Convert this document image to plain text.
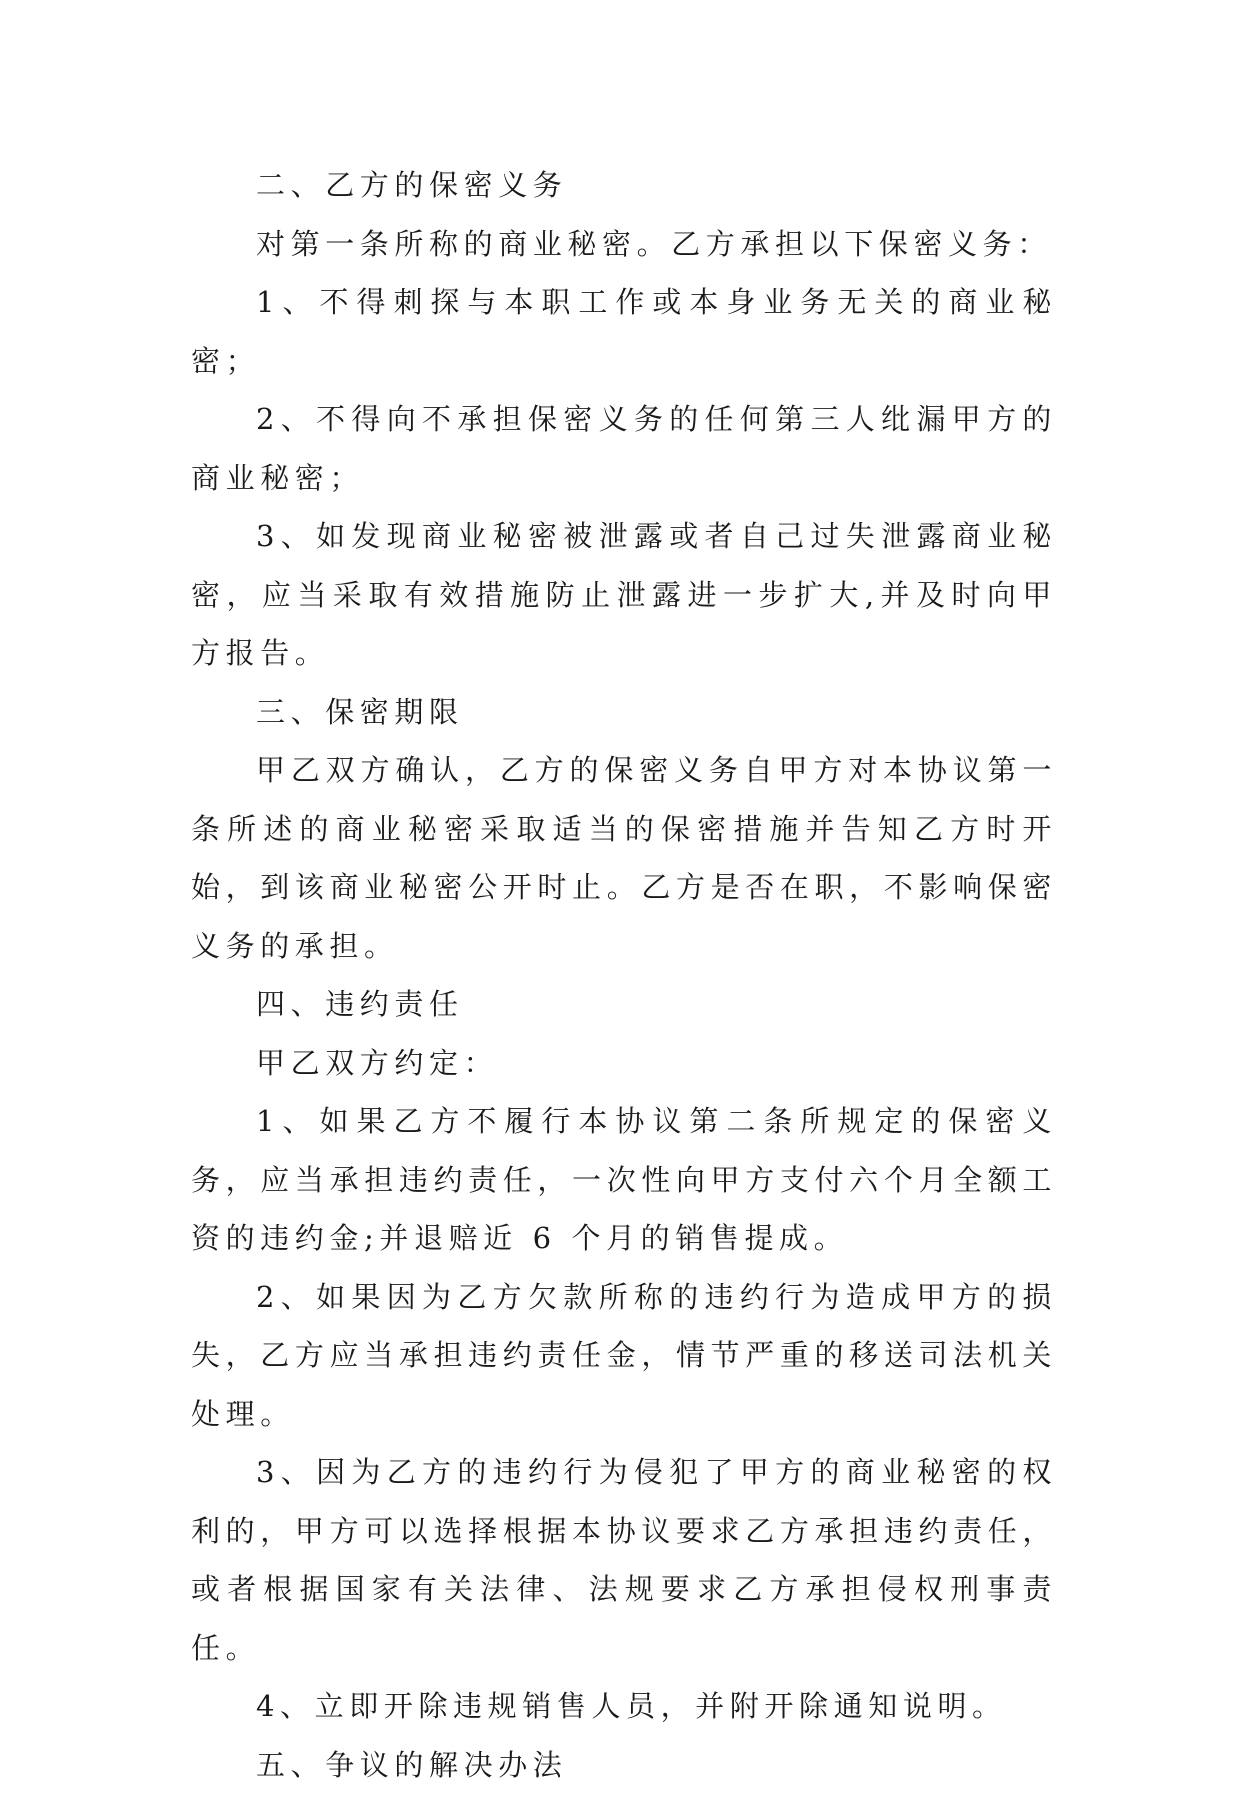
二、乙方的保密义务

对第一条所称的商业秘密。乙方承担以下保密义务：

1、不得刺探与本职工作或本身业务无关的商业秘密；

2、不得向不承担保密义务的任何第三人纰漏甲方的商业秘密；

3、如发现商业秘密被泄露或者自己过失泄露商业秘密，应当采取有效措施防止泄露进一步扩大,并及时向甲方报告。

三、保密期限

甲乙双方确认，乙方的保密义务自甲方对本协议第一条所述的商业秘密采取适当的保密措施并告知乙方时开始，到该商业秘密公开时止。乙方是否在职，不影响保密义务的承担。

四、违约责任

甲乙双方约定：

1、如果乙方不履行本协议第二条所规定的保密义务，应当承担违约责任，一次性向甲方支付六个月全额工资的违约金;并退赔近 6 个月的销售提成。

2、如果因为乙方欠款所称的违约行为造成甲方的损失，乙方应当承担违约责任金，情节严重的移送司法机关处理。

3、因为乙方的违约行为侵犯了甲方的商业秘密的权利的，甲方可以选择根据本协议要求乙方承担违约责任，或者根据国家有关法律、法规要求乙方承担侵权刑事责任。

4、立即开除违规销售人员，并附开除通知说明。

五、争议的解决办法
